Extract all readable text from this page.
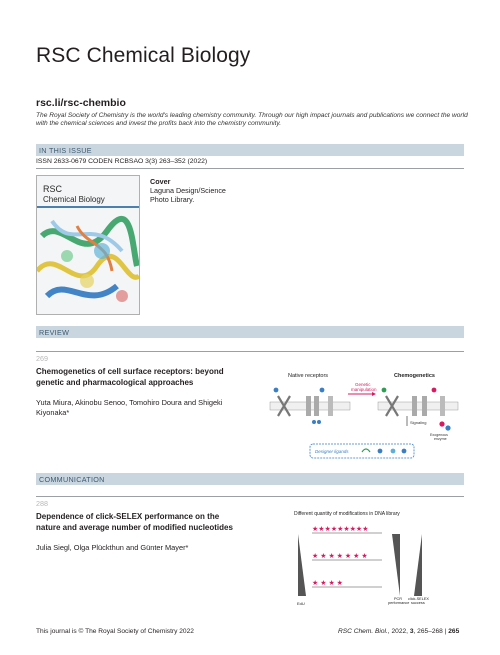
RSC Chemical Biology
rsc.li/rsc-chembio
The Royal Society of Chemistry is the world's leading chemistry community. Through our high impact journals and publications we connect the world with the chemical sciences and invest the profits back into the chemistry community.
IN THIS ISSUE
ISSN 2633-0679 CODEN RCBSAO 3(3) 263–352 (2022)
RSC
Chemical Biology
Cover
Laguna Design/Science
Photo Library.
REVIEW
269
Chemogenetics of cell surface receptors: beyond genetic and pharmacological approaches
Yuta Miura, Akinobu Senoo, Tomohiro Doura and Shigeki Kiyonaka*
Native receptors	Chemogenetics
Genetic
manipulation
Signaling
Exogenous
enzyme
Designer ligands
COMMUNICATION
288
Dependence of click-SELEX performance on the nature and average number of modified nucleotides
Julia Siegl, Olga Plückthun and Günter Mayer*
Different quantity of modifications in DNA library
★★★★★★★★★
★ ★ ★ ★ ★ ★ ★
★ ★ ★ ★
EdU
PCR
performance
click-SELEX
success
This journal is © The Royal Society of Chemistry 2022	RSC Chem. Biol., 2022, 3, 265–268 | 265
